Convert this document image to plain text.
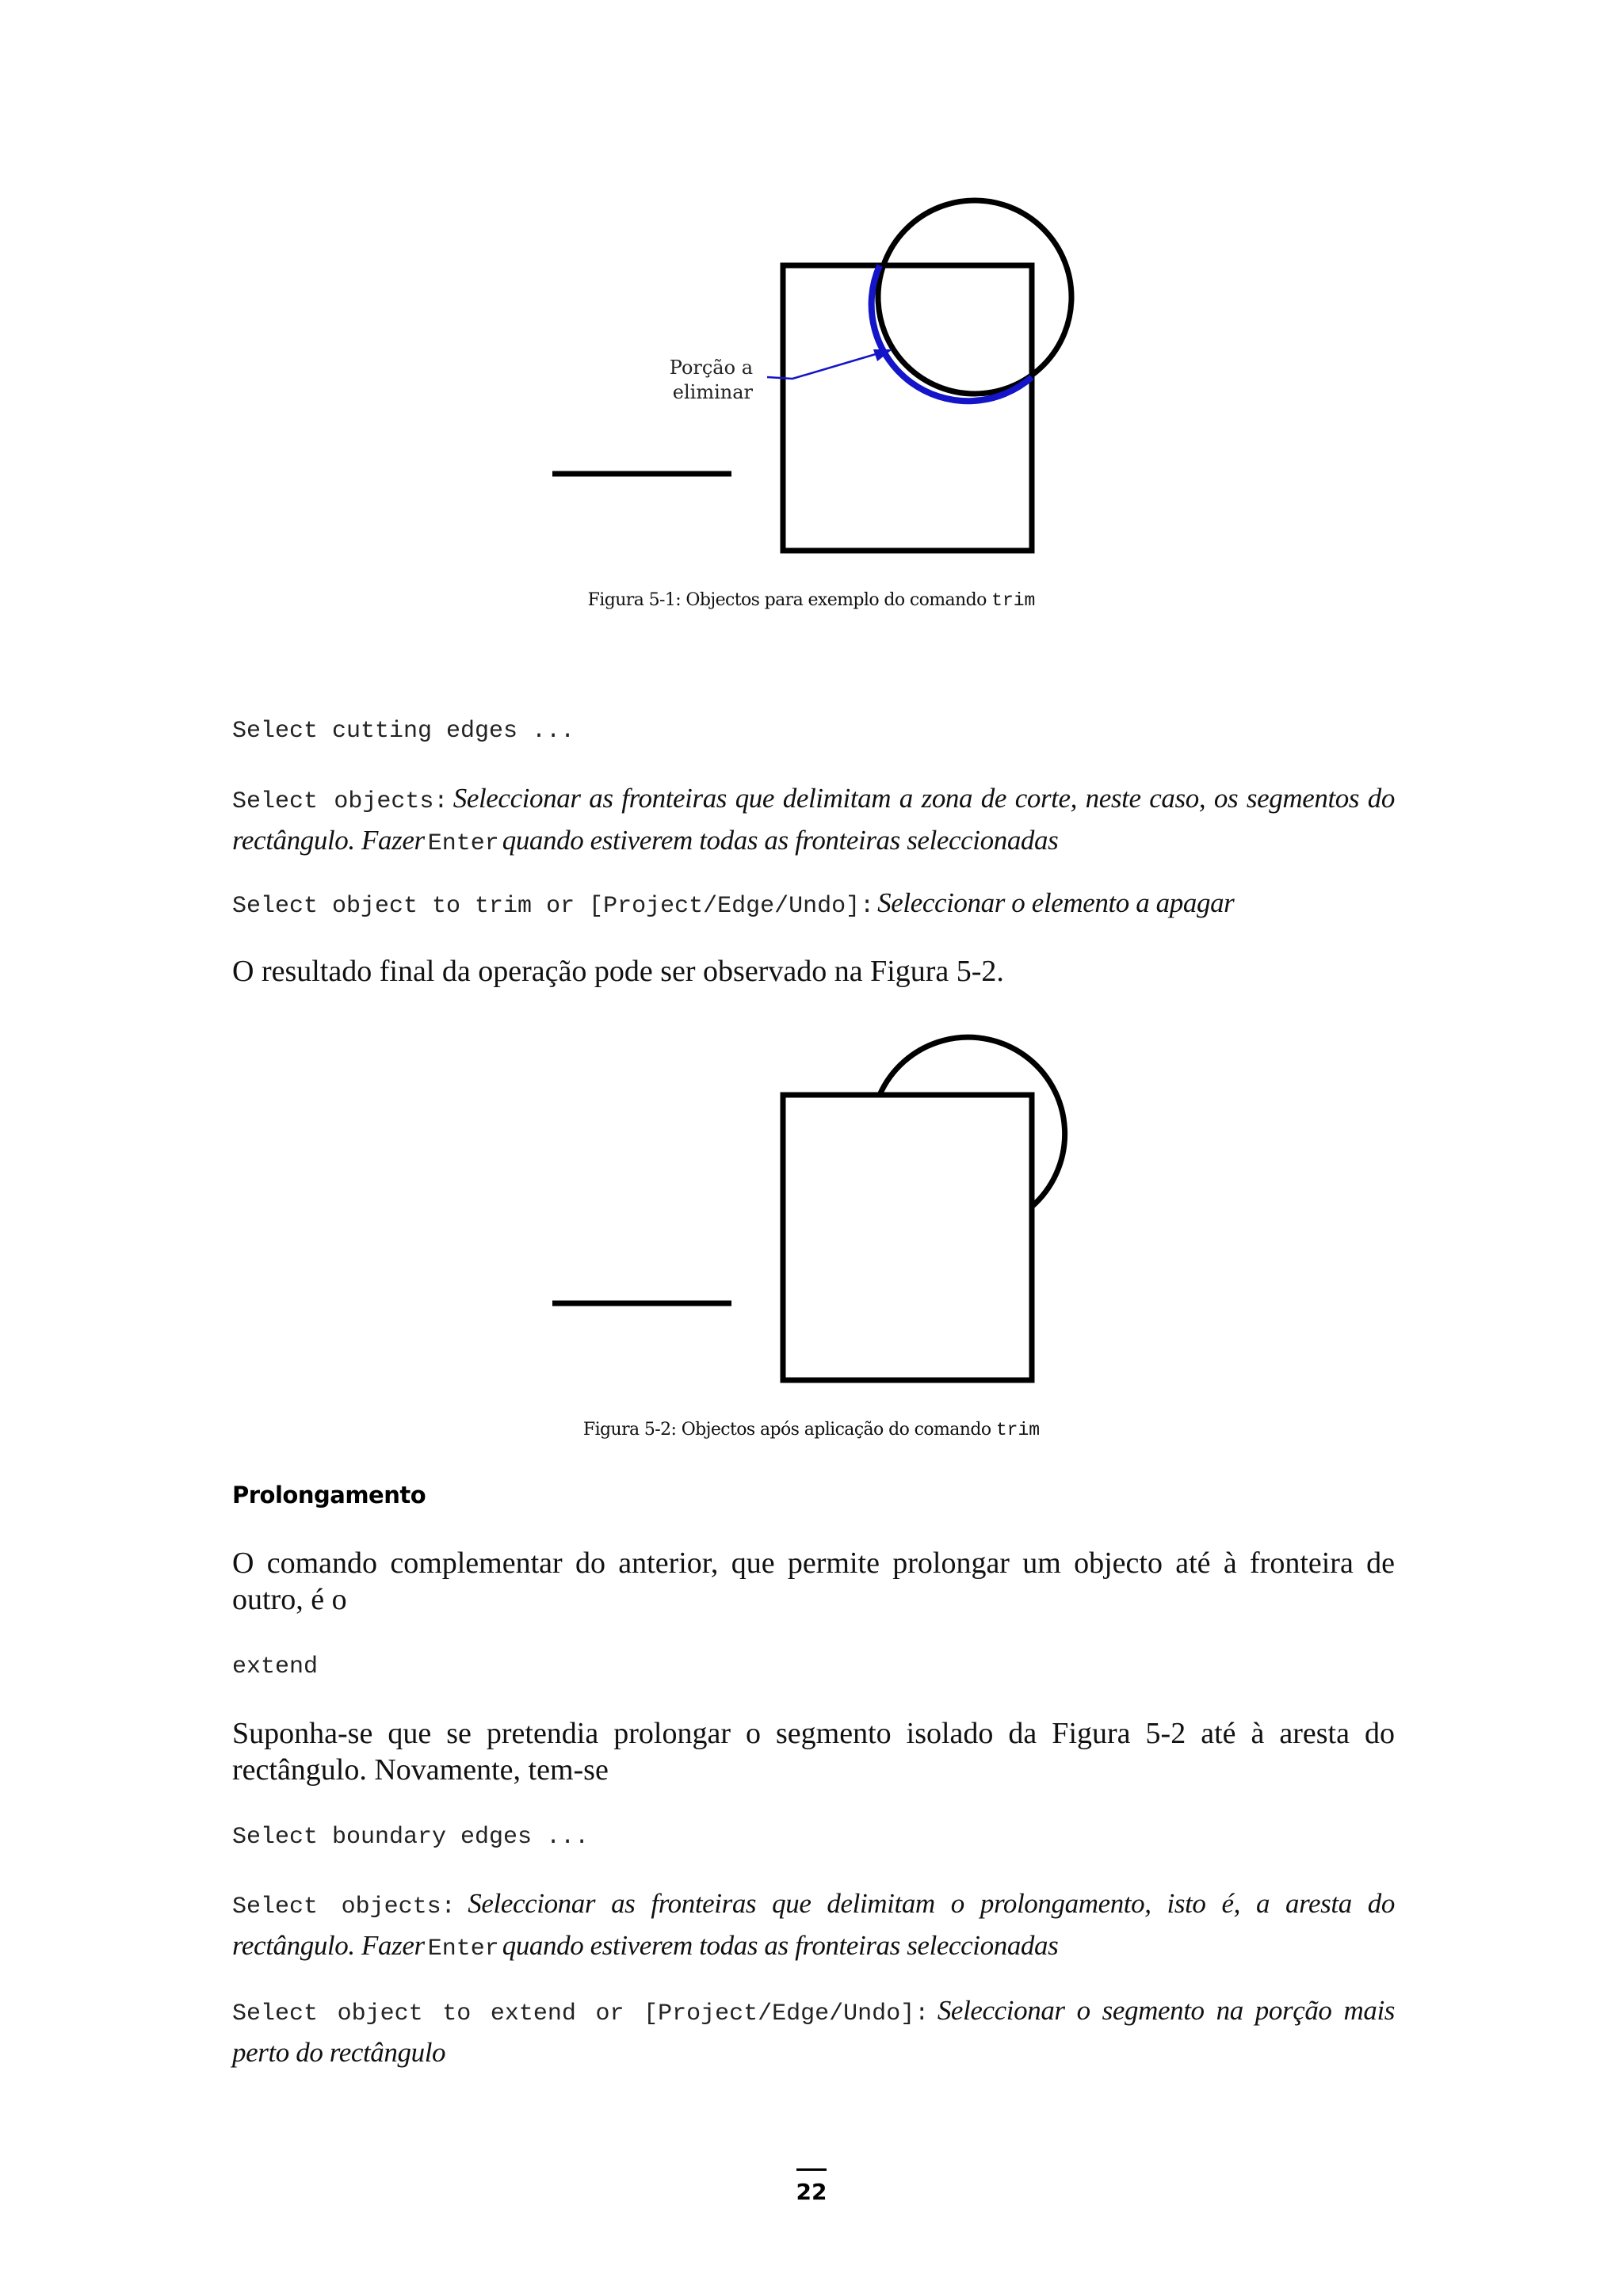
Porção a
eliminar
Figura 5-1: Objectos para exemplo do comando trim
Select cutting edges ...
Select objects: Seleccionar as fronteiras que delimitam a zona de corte, neste caso, os segmentos do rectângulo. Fazer Enter quando estiverem todas as fronteiras seleccionadas
Select object to trim or [Project/Edge/Undo]: Seleccionar o elemento a apagar
O resultado final da operação pode ser observado na Figura 5-2.
Figura 5-2: Objectos após aplicação do comando trim
Prolongamento
O comando complementar do anterior, que permite prolongar um objecto até à fronteira de outro, é o
extend
Suponha-se que se pretendia prolongar o segmento isolado da Figura 5-2 até à aresta do rectângulo. Novamente, tem-se
Select boundary edges ...
Select objects: Seleccionar as fronteiras que delimitam o prolongamento, isto é, a aresta do rectângulo. Fazer Enter quando estiverem todas as fronteiras seleccionadas
Select object to extend or [Project/Edge/Undo]: Seleccionar o segmento na porção mais perto do rectângulo
22
